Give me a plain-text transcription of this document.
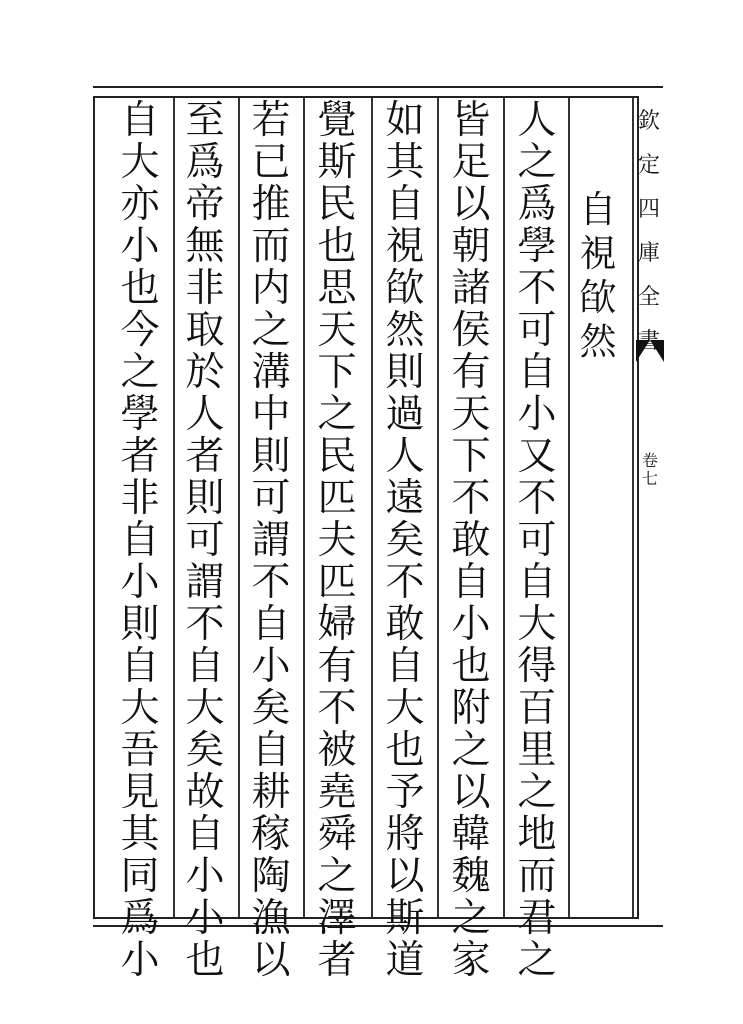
自
視
欿
然
人
之
爲
學
不
可
自
小
又
不
可
自
大
得
百
里
之
地
而
君
之
皆
足
以
朝
諸
侯
有
天
下
不
敢
自
小
也
附
之
以
韓
魏
之
家
如
其
自
視
欿
然
則
過
人
遠
矣
不
敢
自
大
也
予
將
以
斯
道
覺
斯
民
也
思
天
下
之
民
匹
夫
匹
婦
有
不
被
堯
舜
之
澤
者
若
已
推
而
内
之
溝
中
則
可
謂
不
自
小
矣
自
耕
稼
陶
漁
以
至
爲
帝
無
非
取
於
人
者
則
可
謂
不
自
大
矣
故
自
小
小
也
自
大
亦
小
也
今
之
學
者
非
自
小
則
自
大
吾
見
其
同
爲
小
欽
定
四
庫
全
書
卷
七
